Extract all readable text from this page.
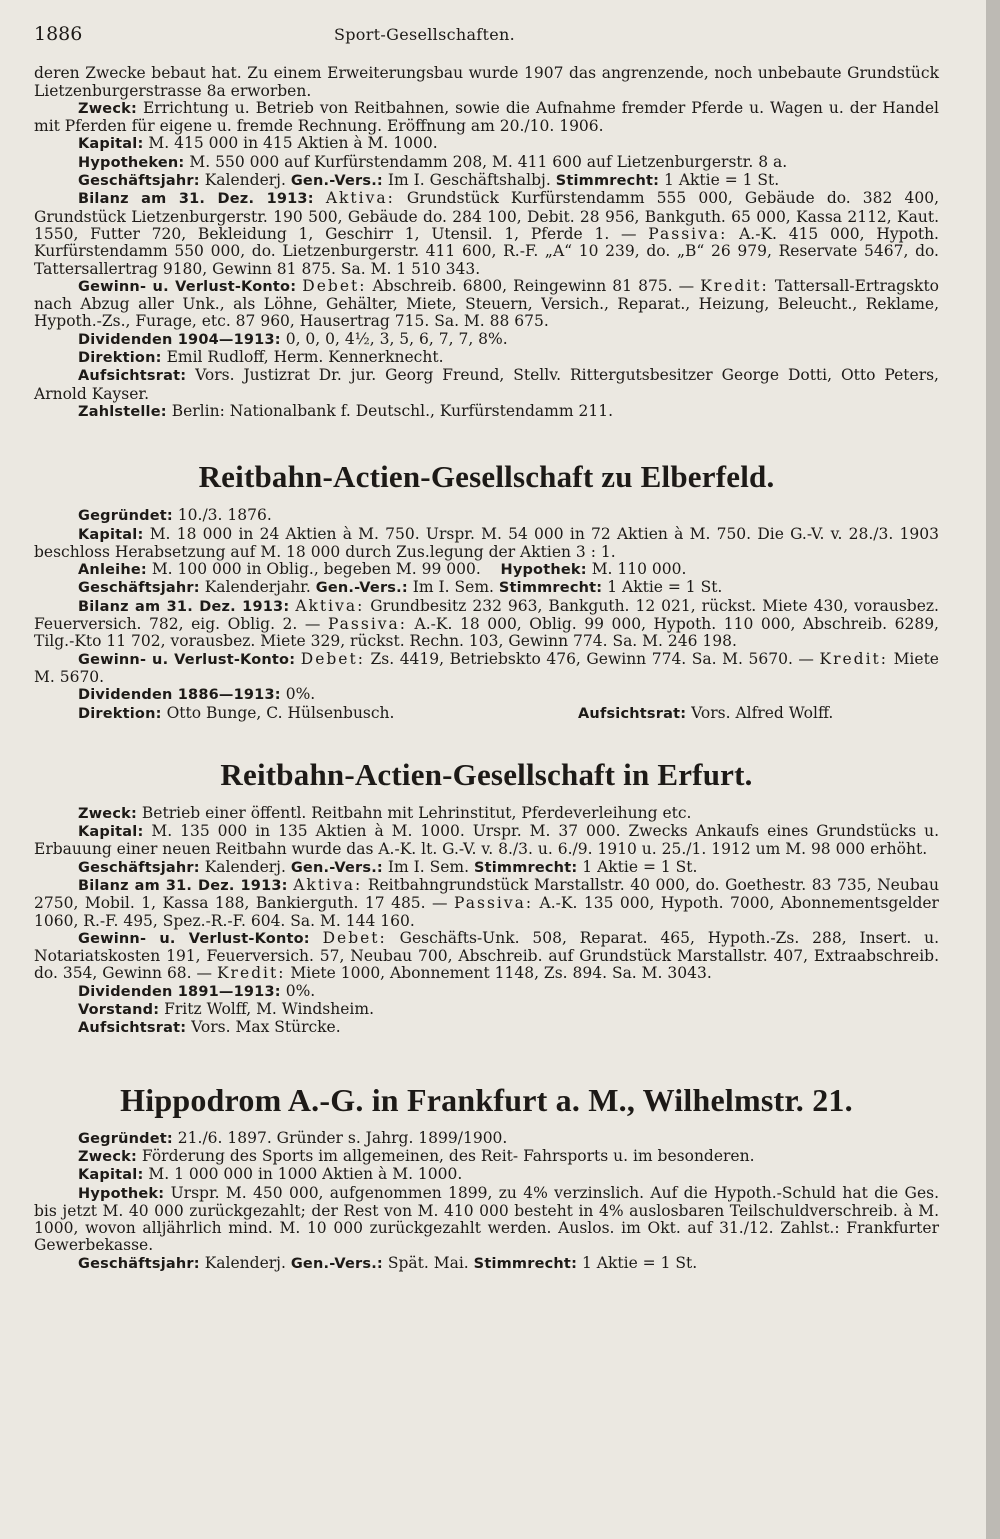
1886	Sport-Gesellschaften.

deren Zwecke bebaut hat. Zu einem Erweiterungsbau wurde 1907 das angrenzende, noch unbebaute Grundstück Lietzenburgerstrasse 8a erworben.

Zweck: Errichtung u. Betrieb von Reitbahnen, sowie die Aufnahme fremder Pferde u. Wagen u. der Handel mit Pferden für eigene u. fremde Rechnung. Eröffnung am 20./10. 1906.

Kapital: M. 415 000 in 415 Aktien à M. 1000.

Hypotheken: M. 550 000 auf Kurfürstendamm 208, M. 411 600 auf Lietzenburgerstr. 8 a.

Geschäftsjahr: Kalenderj. Gen.-Vers.: Im I. Geschäftshalbj. Stimmrecht: 1 Aktie = 1 St.

Bilanz am 31. Dez. 1913: Aktiva: Grundstück Kurfürstendamm 555 000, Gebäude do. 382 400, Grundstück Lietzenburgerstr. 190 500, Gebäude do. 284 100, Debit. 28 956, Bankguth. 65 000, Kassa 2112, Kaut. 1550, Futter 720, Bekleidung 1, Geschirr 1, Utensil. 1, Pferde 1. — Passiva: A.-K. 415 000, Hypoth. Kurfürstendamm 550 000, do. Lietzenburgerstr. 411 600, R.-F. „A“ 10 239, do. „B“ 26 979, Reservate 5467, do. Tattersallertrag 9180, Gewinn 81 875. Sa. M. 1 510 343.

Gewinn- u. Verlust-Konto: Debet: Abschreib. 6800, Reingewinn 81 875. — Kredit: Tattersall-Ertragskto nach Abzug aller Unk., als Löhne, Gehälter, Miete, Steuern, Versich., Reparat., Heizung, Beleucht., Reklame, Hypoth.-Zs., Furage, etc. 87 960, Hausertrag 715. Sa. M. 88 675.

Dividenden 1904—1913: 0, 0, 0, 4½, 3, 5, 6, 7, 7, 8%.

Direktion: Emil Rudloff, Herm. Kennerknecht.

Aufsichtsrat: Vors. Justizrat Dr. jur. Georg Freund, Stellv. Rittergutsbesitzer George Dotti, Otto Peters, Arnold Kayser.

Zahlstelle: Berlin: Nationalbank f. Deutschl., Kurfürstendamm 211.

Reitbahn-Actien-Gesellschaft zu Elberfeld.

Gegründet: 10./3. 1876.

Kapital: M. 18 000 in 24 Aktien à M. 750. Urspr. M. 54 000 in 72 Aktien à M. 750. Die G.-V. v. 28./3. 1903 beschloss Herabsetzung auf M. 18 000 durch Zus.legung der Aktien 3 : 1.

Anleihe: M. 100 000 in Oblig., begeben M. 99 000. Hypothek: M. 110 000.

Geschäftsjahr: Kalenderjahr. Gen.-Vers.: Im I. Sem. Stimmrecht: 1 Aktie = 1 St.

Bilanz am 31. Dez. 1913: Aktiva: Grundbesitz 232 963, Bankguth. 12 021, rückst. Miete 430, vorausbez. Feuerversich. 782, eig. Oblig. 2. — Passiva: A.-K. 18 000, Oblig. 99 000, Hypoth. 110 000, Abschreib. 6289, Tilg.-Kto 11 702, vorausbez. Miete 329, rückst. Rechn. 103, Gewinn 774. Sa. M. 246 198.

Gewinn- u. Verlust-Konto: Debet: Zs. 4419, Betriebskto 476, Gewinn 774. Sa. M. 5670. — Kredit: Miete M. 5670.

Dividenden 1886—1913: 0%.

Direktion: Otto Bunge, C. Hülsenbusch.	Aufsichtsrat: Vors. Alfred Wolff.
Reitbahn-Actien-Gesellschaft in Erfurt.

Zweck: Betrieb einer öffentl. Reitbahn mit Lehrinstitut, Pferdeverleihung etc.

Kapital: M. 135 000 in 135 Aktien à M. 1000. Urspr. M. 37 000. Zwecks Ankaufs eines Grundstücks u. Erbauung einer neuen Reitbahn wurde das A.-K. lt. G.-V. v. 8./3. u. 6./9. 1910 u. 25./1. 1912 um M. 98 000 erhöht.

Geschäftsjahr: Kalenderj. Gen.-Vers.: Im I. Sem. Stimmrecht: 1 Aktie = 1 St.

Bilanz am 31. Dez. 1913: Aktiva: Reitbahngrundstück Marstallstr. 40 000, do. Goethestr. 83 735, Neubau 2750, Mobil. 1, Kassa 188, Bankierguth. 17 485. — Passiva: A.-K. 135 000, Hypoth. 7000, Abonnementsgelder 1060, R.-F. 495, Spez.-R.-F. 604. Sa. M. 144 160.

Gewinn- u. Verlust-Konto: Debet: Geschäfts-Unk. 508, Reparat. 465, Hypoth.-Zs. 288, Insert. u. Notariatskosten 191, Feuerversich. 57, Neubau 700, Abschreib. auf Grundstück Marstallstr. 407, Extraabschreib. do. 354, Gewinn 68. — Kredit: Miete 1000, Abonnement 1148, Zs. 894. Sa. M. 3043.

Dividenden 1891—1913: 0%.

Vorstand: Fritz Wolff, M. Windsheim.

Aufsichtsrat: Vors. Max Stürcke.

Hippodrom A.-G. in Frankfurt a. M., Wilhelmstr. 21.

Gegründet: 21./6. 1897. Gründer s. Jahrg. 1899/1900.

Zweck: Förderung des Sports im allgemeinen, des Reit- Fahrsports u. im besonderen.

Kapital: M. 1 000 000 in 1000 Aktien à M. 1000.

Hypothek: Urspr. M. 450 000, aufgenommen 1899, zu 4% verzinslich. Auf die Hypoth.-Schuld hat die Ges. bis jetzt M. 40 000 zurückgezahlt; der Rest von M. 410 000 besteht in 4% auslosbaren Teilschuldverschreib. à M. 1000, wovon alljährlich mind. M. 10 000 zurückgezahlt werden. Auslos. im Okt. auf 31./12. Zahlst.: Frankfurter Gewerbekasse.

Geschäftsjahr: Kalenderj. Gen.-Vers.: Spät. Mai. Stimmrecht: 1 Aktie = 1 St.
